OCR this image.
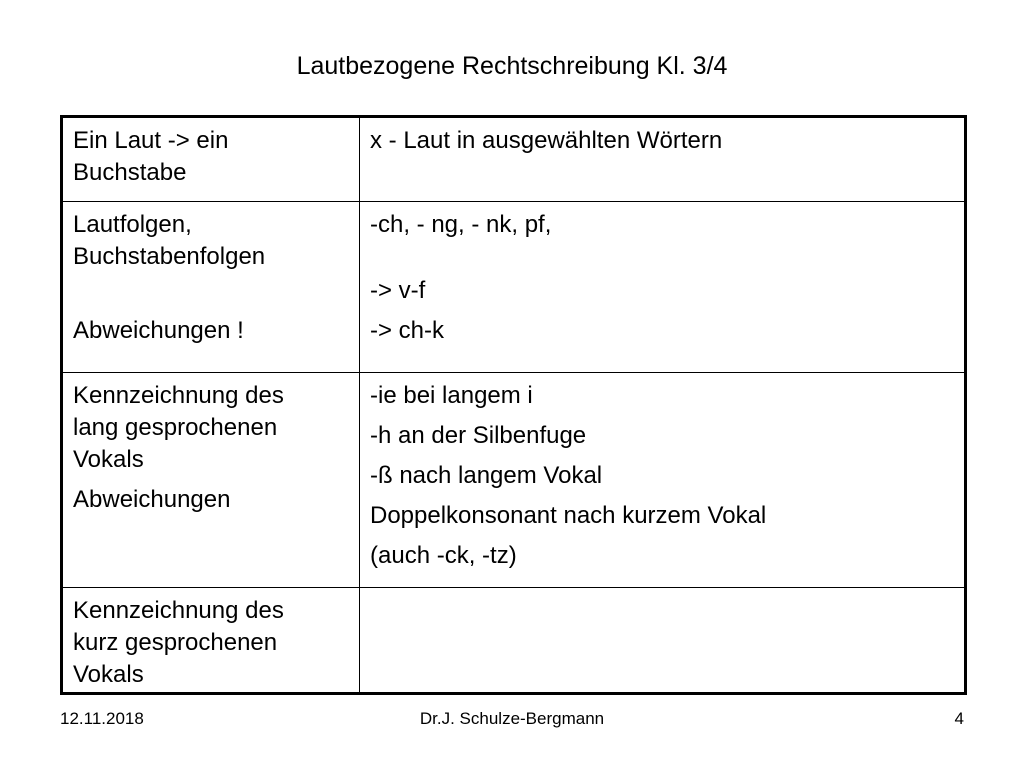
Lautbezogene Rechtschreibung Kl. 3/4
Ein Laut -> ein
Buchstabe
x - Laut in ausgewählten Wörtern
Lautfolgen,
Buchstabenfolgen
Abweichungen !
-ch, - ng, - nk, pf,
-> v-f
-> ch-k
Kennzeichnung des
lang gesprochenen
Vokals
Abweichungen
-ie bei langem i
-h an der Silbenfuge
-ß nach langem Vokal
Doppelkonsonant nach kurzem Vokal
(auch -ck, -tz)
Kennzeichnung des
kurz gesprochenen
Vokals
12.11.2018	Dr.J. Schulze-Bergmann	4
